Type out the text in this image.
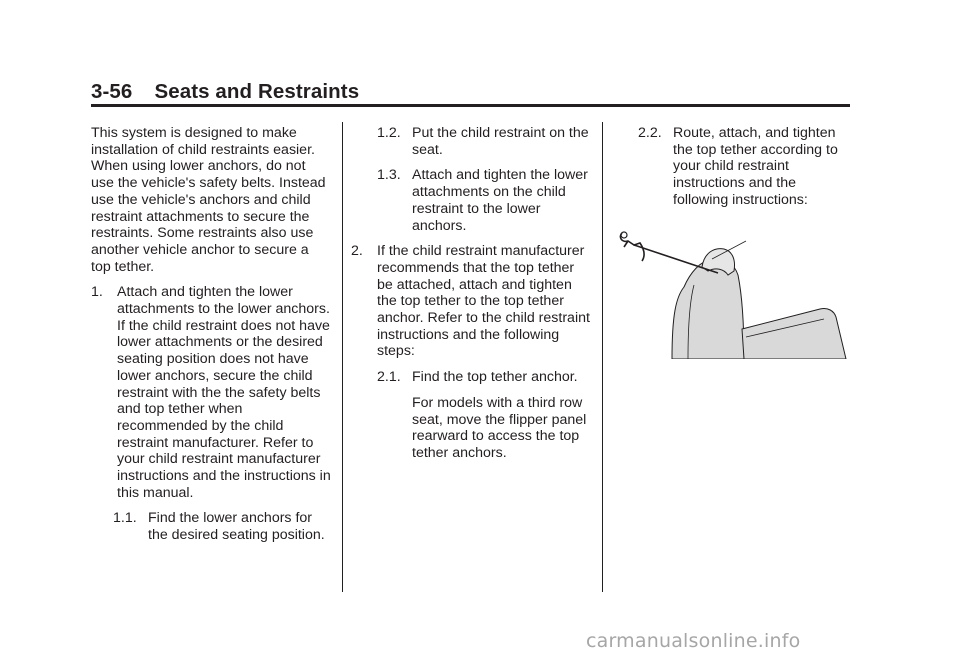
3-56 Seats and Restraints

This system is designed to make installation of child restraints easier. When using lower anchors, do not use the vehicle's safety belts. Instead use the vehicle's anchors and child restraint attachments to secure the restraints. Some restraints also use another vehicle anchor to secure a top tether.

1. Attach and tighten the lower attachments to the lower anchors. If the child restraint does not have lower attachments or the desired seating position does not have lower anchors, secure the child restraint with the the safety belts and top tether when recommended by the child restraint manufacturer. Refer to your child restraint manufacturer instructions and the instructions in this manual.
1.1. Find the lower anchors for the desired seating position.
1.2. Put the child restraint on the seat.
1.3. Attach and tighten the lower attachments on the child restraint to the lower anchors.
2. If the child restraint manufacturer recommends that the top tether be attached, attach and tighten the top tether to the top tether anchor. Refer to the child restraint instructions and the following steps:
2.1. Find the top tether anchor.

For models with a third row seat, move the flipper panel rearward to access the top tether anchors.

2.2. Route, attach, and tighten the top tether according to your child restraint instructions and the following instructions:
carmanualsonline.info
